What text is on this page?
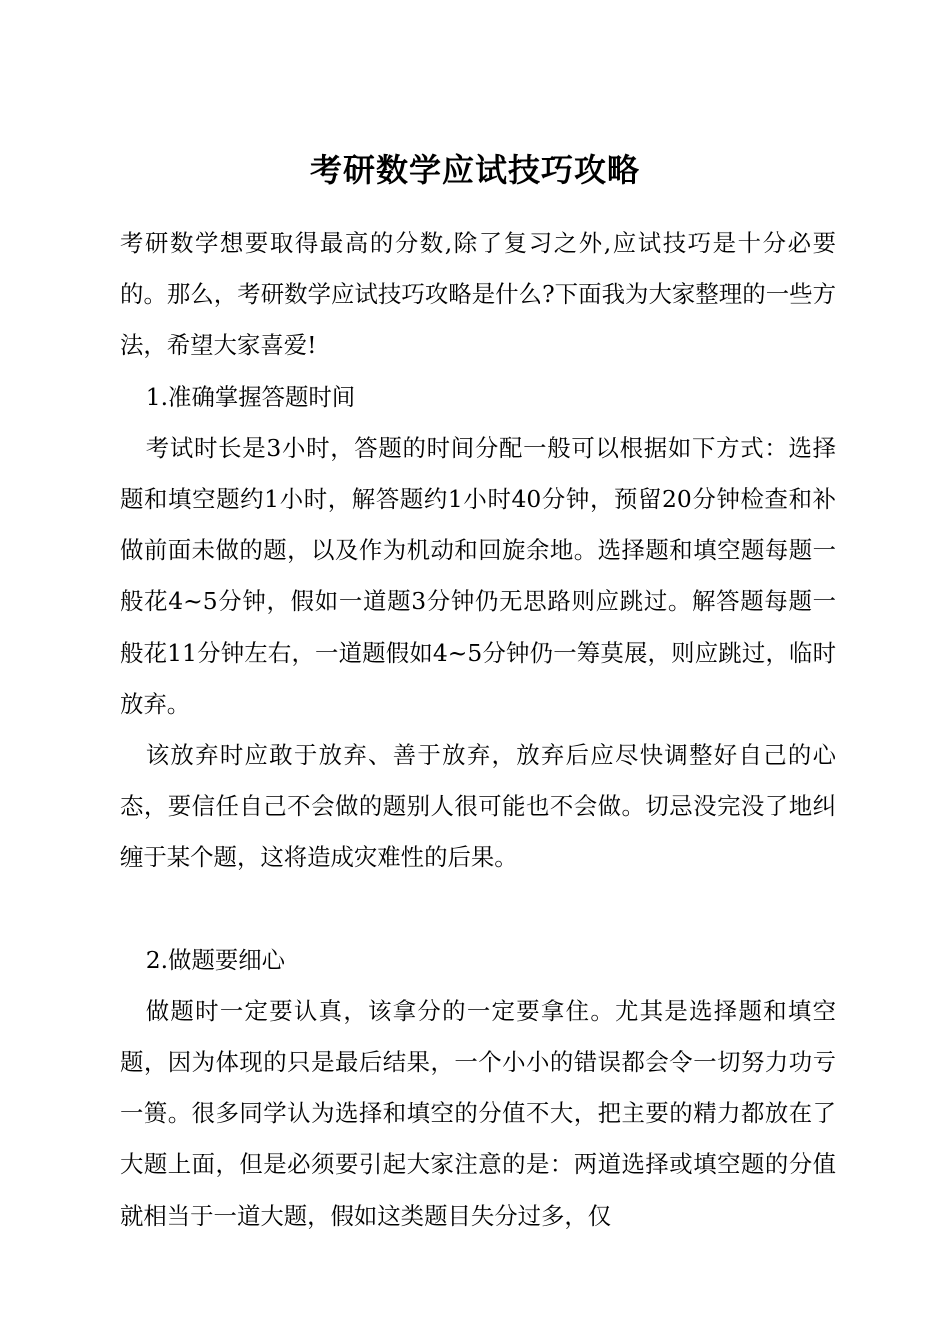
考研数学应试技巧攻略

考研数学想要取得最高的分数,除了复习之外,应试技巧是十分必要的。那么，考研数学应试技巧攻略是什么?下面我为大家整理的一些方法，希望大家喜爱!

1.准确掌握答题时间

考试时长是3小时，答题的时间分配一般可以根据如下方式：选择题和填空题约1小时，解答题约1小时40分钟，预留20分钟检查和补做前面未做的题，以及作为机动和回旋余地。选择题和填空题每题一般花4~5分钟，假如一道题3分钟仍无思路则应跳过。解答题每题一般花11分钟左右，一道题假如4~5分钟仍一筹莫展，则应跳过，临时放弃。

该放弃时应敢于放弃、善于放弃，放弃后应尽快调整好自己的心态，要信任自己不会做的题别人很可能也不会做。切忌没完没了地纠缠于某个题，这将造成灾难性的后果。

2.做题要细心

做题时一定要认真，该拿分的一定要拿住。尤其是选择题和填空题，因为体现的只是最后结果，一个小小的错误都会令一切努力功亏一篑。很多同学认为选择和填空的分值不大，把主要的精力都放在了大题上面，但是必须要引起大家注意的是：两道选择或填空题的分值就相当于一道大题，假如这类题目失分过多，仅
